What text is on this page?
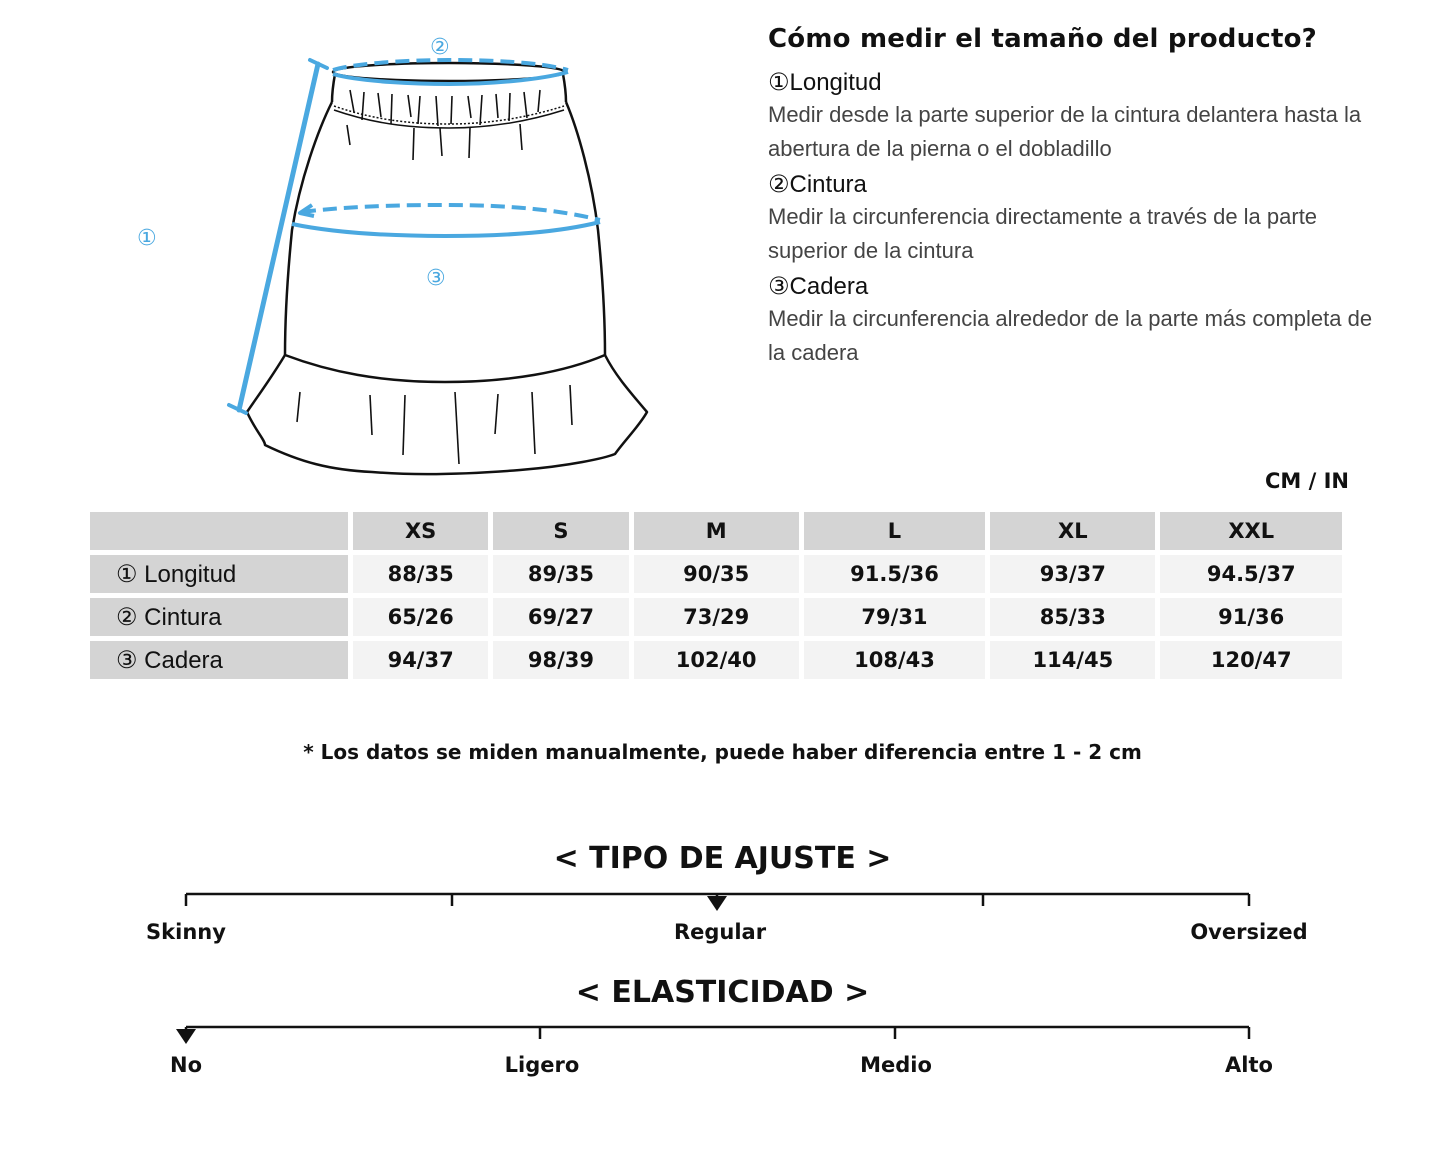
①
②
③
Cómo medir el tamaño del producto?
①Longitud
Medir desde la parte superior de la cintura delantera hasta la abertura de la pierna o el dobladillo
②Cintura
Medir la circunferencia directamente a través de la parte superior de la cintura
③Cadera
Medir la circunferencia alrededor de la parte más completa de la cadera
CM / IN
	XS	S	M	L	XL	XXL
① Longitud	88/35	89/35	90/35	91.5/36	93/37	94.5/37
② Cintura	65/26	69/27	73/29	79/31	85/33	91/36
③ Cadera	94/37	98/39	102/40	108/43	114/45	120/47
* Los datos se miden manualmente, puede haber diferencia entre 1 - 2 cm
< TIPO DE AJUSTE >
Skinny	Regular	Oversized
< ELASTICIDAD >
No	Ligero	Medio	Alto
